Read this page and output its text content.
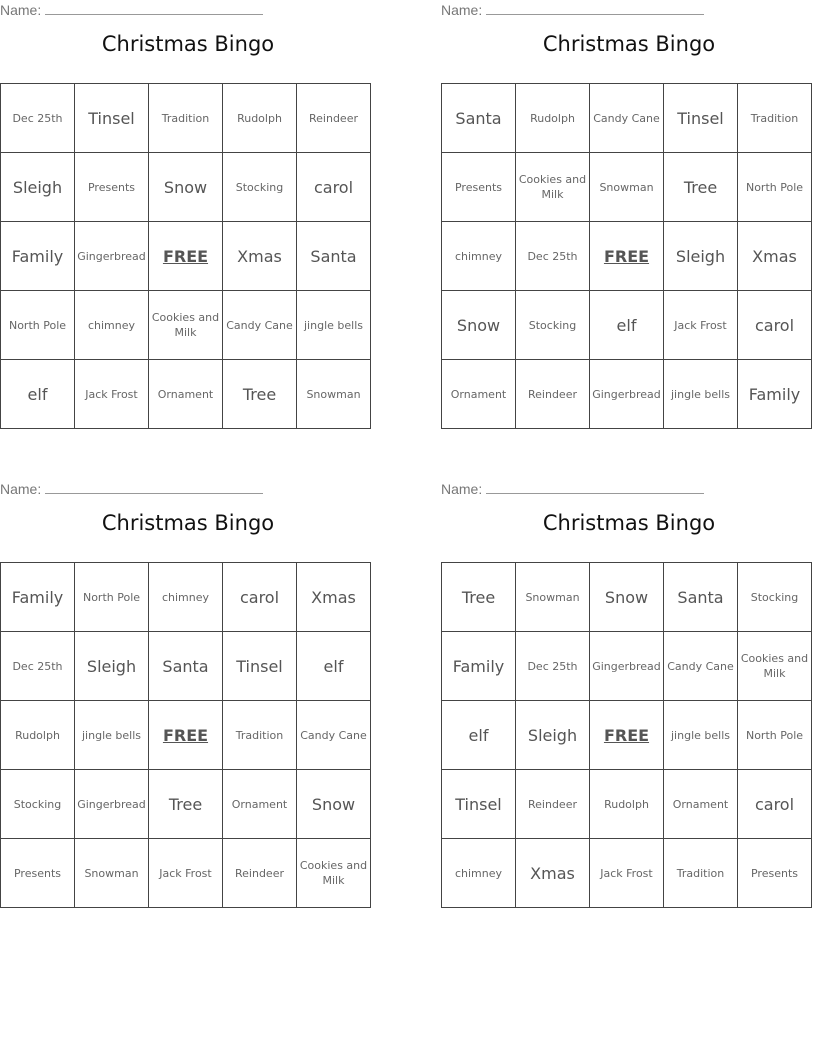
Name:
Christmas Bingo
Dec 25th	Tinsel	Tradition	Rudolph	Reindeer
Sleigh	Presents	Snow	Stocking	carol
Family	Gingerbread	FREE	Xmas	Santa
North Pole	chimney	Cookies and Milk	Candy Cane	jingle bells
elf	Jack Frost	Ornament	Tree	Snowman
Name:
Christmas Bingo
Santa	Rudolph	Candy Cane	Tinsel	Tradition
Presents	Cookies and Milk	Snowman	Tree	North Pole
chimney	Dec 25th	FREE	Sleigh	Xmas
Snow	Stocking	elf	Jack Frost	carol
Ornament	Reindeer	Gingerbread	jingle bells	Family
Name:
Christmas Bingo
Family	North Pole	chimney	carol	Xmas
Dec 25th	Sleigh	Santa	Tinsel	elf
Rudolph	jingle bells	FREE	Tradition	Candy Cane
Stocking	Gingerbread	Tree	Ornament	Snow
Presents	Snowman	Jack Frost	Reindeer	Cookies and Milk
Name:
Christmas Bingo
Tree	Snowman	Snow	Santa	Stocking
Family	Dec 25th	Gingerbread	Candy Cane	Cookies and Milk
elf	Sleigh	FREE	jingle bells	North Pole
Tinsel	Reindeer	Rudolph	Ornament	carol
chimney	Xmas	Jack Frost	Tradition	Presents
